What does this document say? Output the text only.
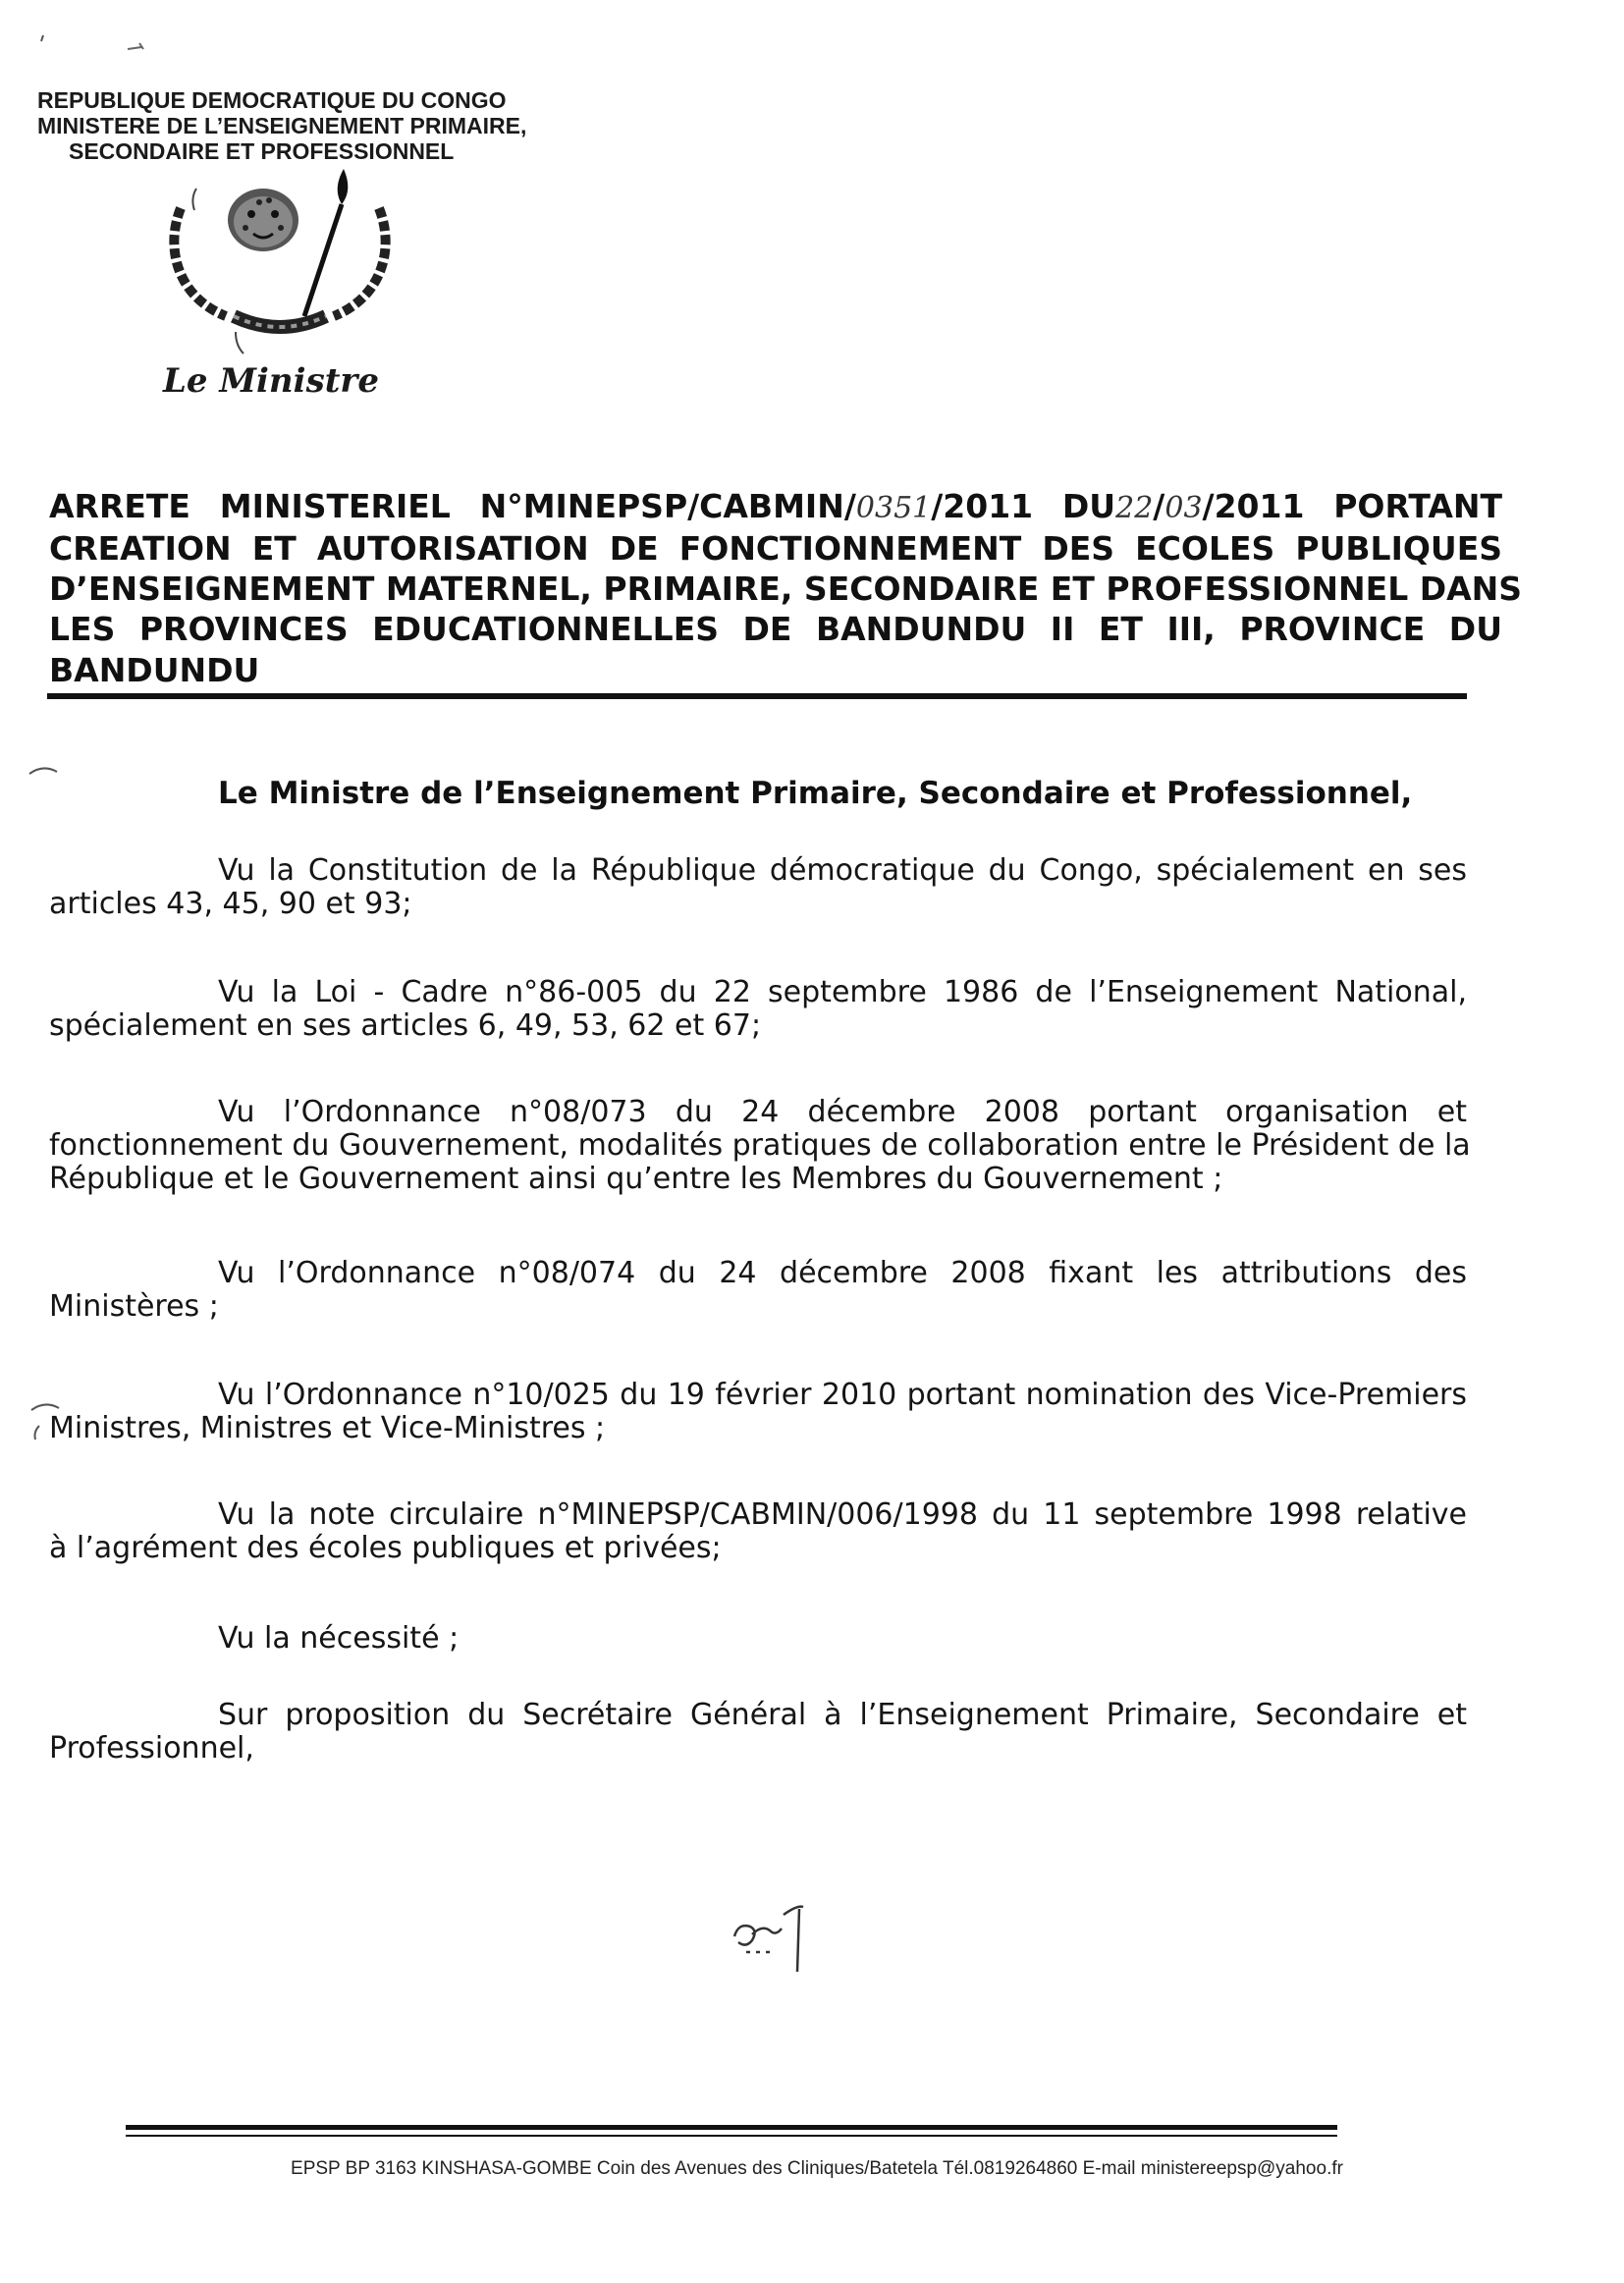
REPUBLIQUE DEMOCRATIQUE DU CONGO
MINISTERE DE L’ENSEIGNEMENT PRIMAIRE,
SECONDAIRE ET PROFESSIONNEL
Le Ministre
ARRETE MINISTERIEL N°MINEPSP/CABMIN/0351/2011 DU22/03/2011 PORTANT
CREATION ET AUTORISATION DE FONCTIONNEMENT DES ECOLES PUBLIQUES
D’ENSEIGNEMENT MATERNEL, PRIMAIRE, SECONDAIRE ET PROFESSIONNEL DANS
LES PROVINCES EDUCATIONNELLES DE BANDUNDU II ET III, PROVINCE DU
BANDUNDU
Le Ministre de l’Enseignement Primaire, Secondaire et Professionnel,
Vu la Constitution de la République démocratique du Congo, spécialement en ses
articles 43, 45, 90 et 93;
Vu la Loi - Cadre n°86-005 du 22 septembre 1986 de l’Enseignement National,
spécialement en ses articles 6, 49, 53, 62 et 67;
Vu l’Ordonnance n°08/073 du 24 décembre 2008 portant organisation et
fonctionnement du Gouvernement, modalités pratiques de collaboration entre le Président de la
République et le Gouvernement ainsi qu’entre les Membres du Gouvernement ;
Vu l’Ordonnance n°08/074 du 24 décembre 2008 fixant les attributions des
Ministères ;
Vu l’Ordonnance n°10/025 du 19 février 2010 portant nomination des Vice-Premiers
Ministres, Ministres et Vice-Ministres ;
Vu la note circulaire n°MINEPSP/CABMIN/006/1998 du 11 septembre 1998 relative
à l’agrément des écoles publiques et privées;
Vu la nécessité ;
Sur proposition du Secrétaire Général à l’Enseignement Primaire, Secondaire et
Professionnel,
EPSP BP 3163 KINSHASA-GOMBE Coin des Avenues des Cliniques/Batetela Tél.0819264860 E-mail ministereepsp@yahoo.fr
